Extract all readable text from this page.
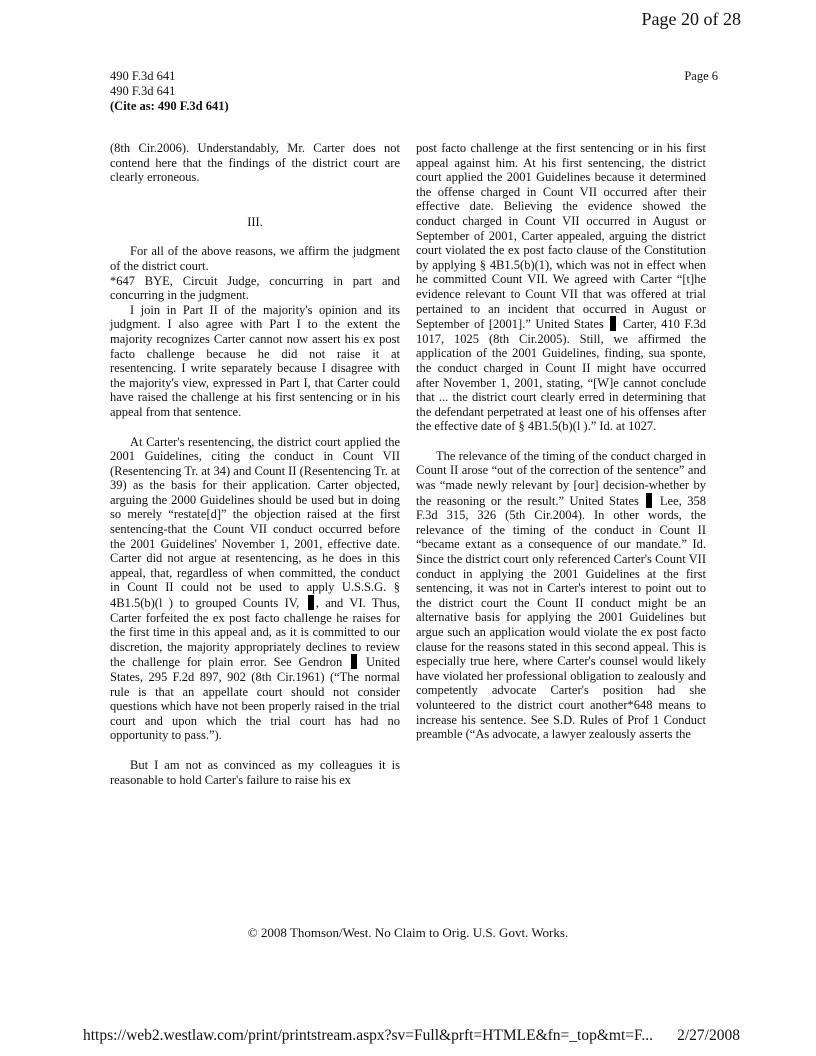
Page 20 of 28
490 F.3d 641
490 F.3d 641
(Cite as: 490 F.3d 641)
Page 6

(8th Cir.2006). Understandably, Mr. Carter does not contend here that the findings of the district court are clearly erroneous.

III.

For all of the above reasons, we affirm the judgment of the district court.

*647 BYE, Circuit Judge, concurring in part and concurring in the judgment.

I join in Part II of the majority's opinion and its judgment. I also agree with Part I to the extent the majority recognizes Carter cannot now assert his ex post facto challenge because he did not raise it at resentencing. I write separately because I disagree with the majority's view, expressed in Part I, that Carter could have raised the challenge at his first sentencing or in his appeal from that sentence.

At Carter's resentencing, the district court applied the 2001 Guidelines, citing the conduct in Count VII (Resentencing Tr. at 34) and Count II (Resentencing Tr. at 39) as the basis for their application. Carter objected, arguing the 2000 Guidelines should be used but in doing so merely “restate[d]” the objection raised at the first sentencing-that the Count VII conduct occurred before the 2001 Guidelines' November 1, 2001, effective date. Carter did not argue at resentencing, as he does in this appeal, that, regardless of when committed, the conduct in Count II could not be used to apply U.S.S.G. § 4B1.5(b)(l ) to grouped Counts IV, , and VI. Thus, Carter forfeited the ex post facto challenge he raises for the first time in this appeal and, as it is committed to our discretion, the majority appropriately declines to review the challenge for plain error. See Gendron United States, 295 F.2d 897, 902 (8th Cir.1961) (“The normal rule is that an appellate court should not consider questions which have not been properly raised in the trial court and upon which the trial court has had no opportunity to pass.”).

But I am not as convinced as my colleagues it is reasonable to hold Carter's failure to raise his ex

post facto challenge at the first sentencing or in his first appeal against him. At his first sentencing, the district court applied the 2001 Guidelines because it determined the offense charged in Count VII occurred after their effective date. Believing the evidence showed the conduct charged in Count VII occurred in August or September of 2001, Carter appealed, arguing the district court violated the ex post facto clause of the Constitution by applying § 4B1.5(b)(1), which was not in effect when he committed Count VII. We agreed with Carter “[t]he evidence relevant to Count VII that was offered at trial pertained to an incident that occurred in August or September of [2001].” United States Carter, 410 F.3d 1017, 1025 (8th Cir.2005). Still, we affirmed the application of the 2001 Guidelines, finding, sua sponte, the conduct charged in Count II might have occurred after November 1, 2001, stating, “[W]e cannot conclude that ... the district court clearly erred in determining that the defendant perpetrated at least one of his offenses after the effective date of § 4B1.5(b)(l ).” Id. at 1027.

The relevance of the timing of the conduct charged in Count II arose “out of the correction of the sentence” and was “made newly relevant by [our] decision-whether by the reasoning or the result.” United States Lee, 358 F.3d 315, 326 (5th Cir.2004). In other words, the relevance of the timing of the conduct in Count II “became extant as a consequence of our mandate.” Id. Since the district court only referenced Carter's Count VII conduct in applying the 2001 Guidelines at the first sentencing, it was not in Carter's interest to point out to the district court the Count II conduct might be an alternative basis for applying the 2001 Guidelines but argue such an application would violate the ex post facto clause for the reasons stated in this second appeal. This is especially true here, where Carter's counsel would likely have violated her professional obligation to zealously and competently advocate Carter's position had she volunteered to the district court another*648 means to increase his sentence. See S.D. Rules of Prof 1 Conduct preamble (“As advocate, a lawyer zealously asserts the

© 2008 Thomson/West. No Claim to Orig. U.S. Govt. Works.
https://web2.westlaw.com/print/printstream.aspx?sv=Full&prft=HTMLE&fn=_top&mt=F... 2/27/2008
